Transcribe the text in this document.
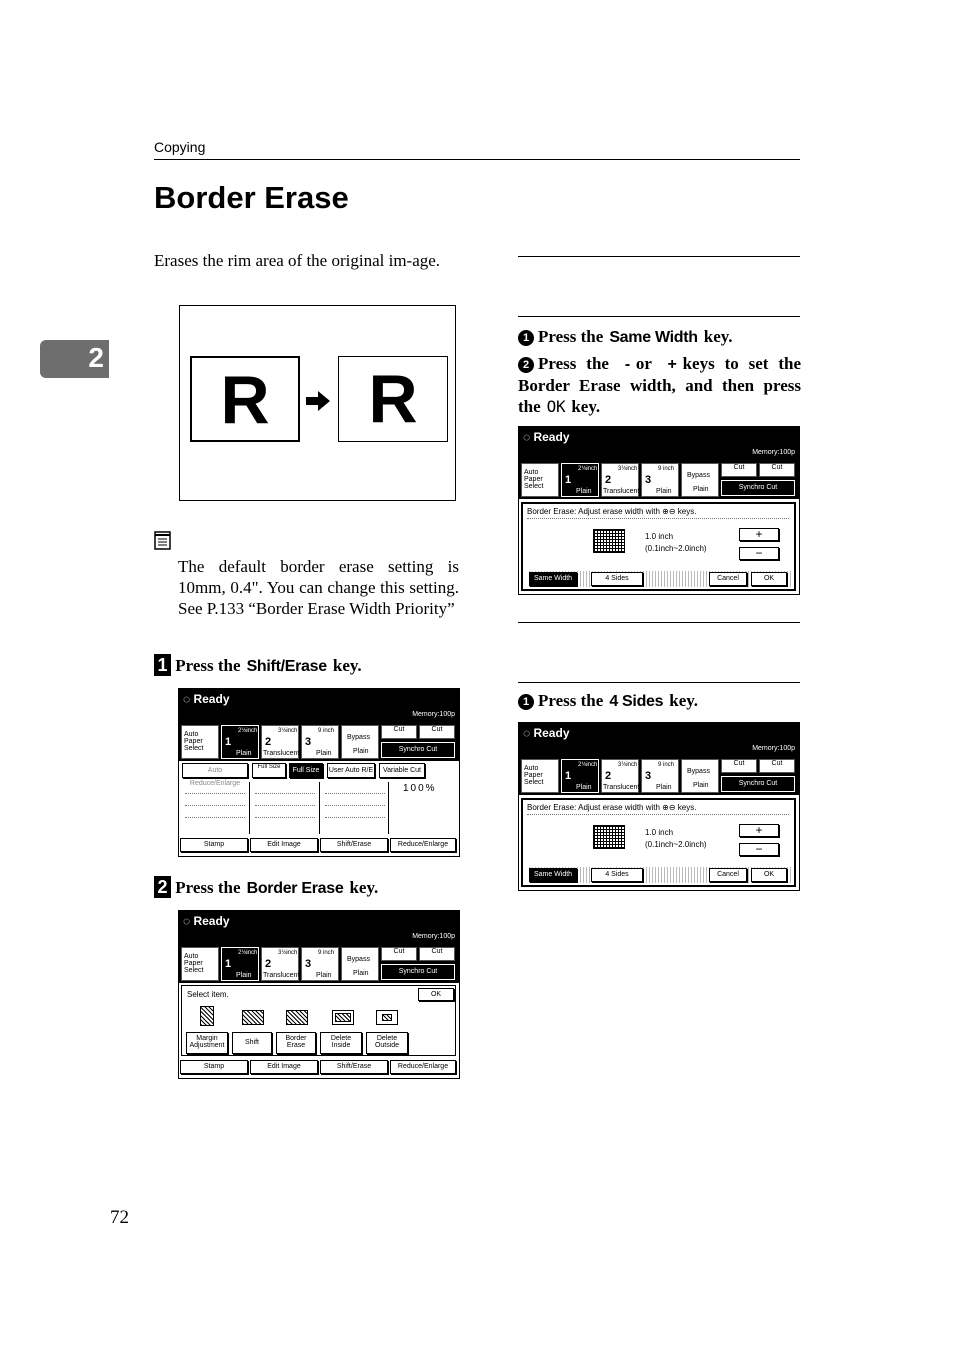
Copying
2
Border Erase

Erases the rim area of the original im-age.

R	R

The default border erase setting is 10mm, 0.4". You can change this setting. See P.133 “Border Erase Width Priority”

1 Press the Shift/Erase key.
◌ Ready
Memory:100p
Auto Paper Select
2⅛inch
1
Plain
3⅛inch
2
Translucent
9 inch
3
Plain
Bypass
Plain
Cut	Cut
Synchro Cut
Auto Reduce/Enlarge
Full Size	Full Size	User Auto R/E	Variable Cut
100%
Stamp	Edit Image	Shift/Erase	Reduce/Enlarge
2 Press the Border Erase key.
◌ Ready
Memory:100p
Auto Paper Select
2⅛inch
1
Plain
3⅛inch
2
Translucent
9 inch
3
Plain
Bypass
Plain
Cut	Cut
Synchro Cut
Select item.	OK
Margin Adjustment	Shift
Border Erase
Delete Inside
Delete Outside
Stamp	Edit Image	Shift/Erase	Reduce/Enlarge
1 Press the Same Width key.
2 Press the - or + keys to set the Border Erase width, and then press the OK key.
◌ Ready
Memory:100p
Auto Paper Select
2⅛inch
1
Plain
3⅛inch
2
Translucent
9 inch
3
Plain
Bypass
Plain
Cut	Cut
Synchro Cut
Border Erase: Adjust erase width with ⊕⊖ keys.
1.0 inch
(0.1inch~2.0inch)
+
−
Same Width	4 Sides	Cancel	OK
1 Press the 4 Sides key.
◌ Ready
Memory:100p
Auto Paper Select
2⅛inch
1
Plain
3⅛inch
2
Translucent
9 inch
3
Plain
Bypass
Plain
Cut	Cut
Synchro Cut
Border Erase: Adjust erase width with ⊕⊖ keys.
1.0 inch
(0.1inch~2.0inch)
+
−
Same Width	4 Sides	Cancel	OK
72
